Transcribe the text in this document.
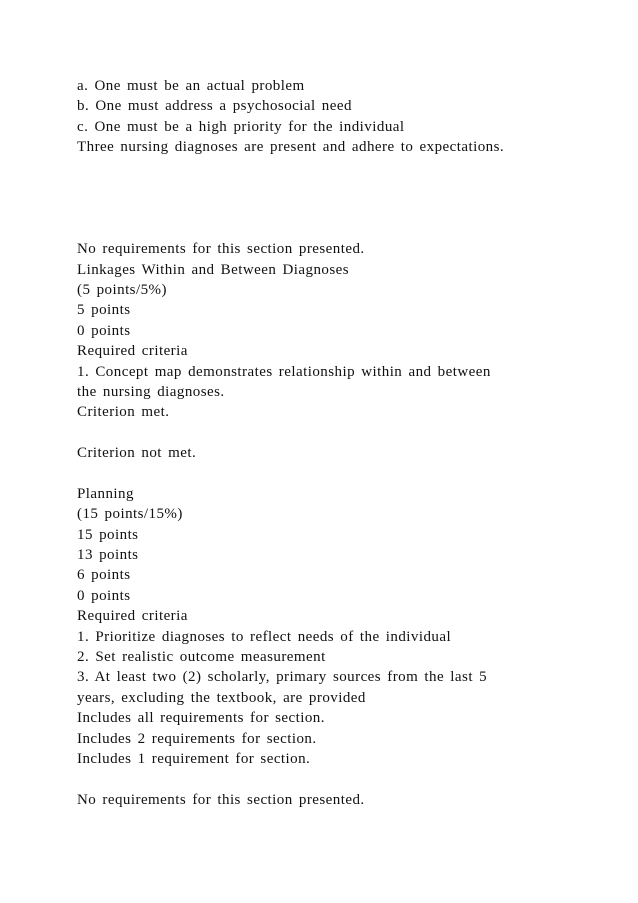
a. One must be an actual problem
b. One must address a psychosocial need
c. One must be a high priority for the individual
Three nursing diagnoses are present and adhere to expectations.
No requirements for this section presented.
Linkages Within and Between Diagnoses
(5 points/5%)
5 points
0 points
Required criteria
1. Concept map demonstrates relationship within and between
the nursing diagnoses.
Criterion met.
Criterion not met.
Planning
(15 points/15%)
15 points
13 points
6 points
0 points
Required criteria
1. Prioritize diagnoses to reflect needs of the individual
2. Set realistic outcome measurement
3. At least two (2) scholarly, primary sources from the last 5
years, excluding the textbook, are provided
Includes all requirements for section.
Includes 2 requirements for section.
Includes 1 requirement for section.
No requirements for this section presented.
